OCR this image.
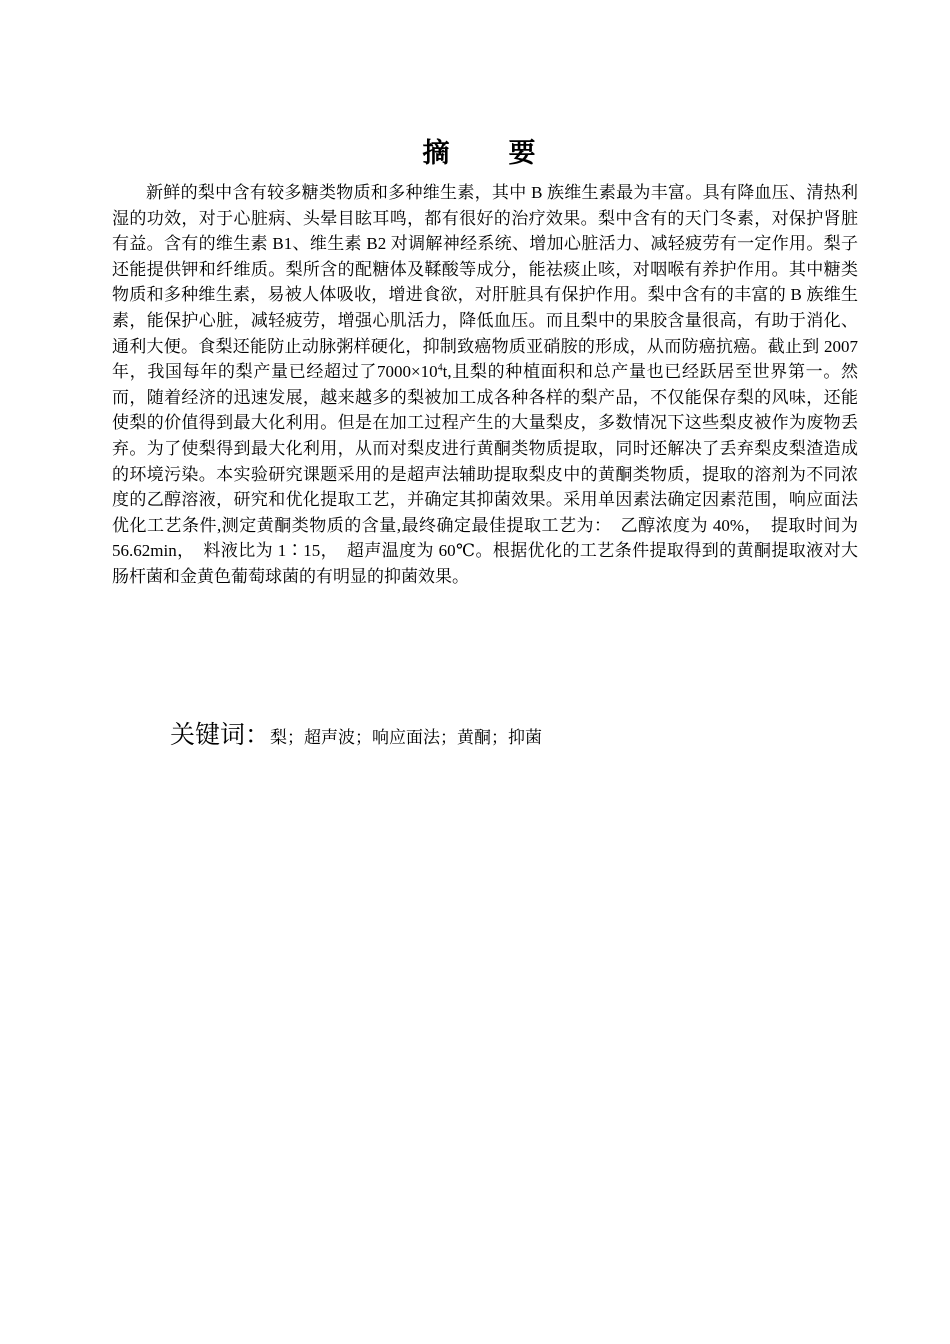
摘　要

新鲜的梨中含有较多糖类物质和多种维生素，其中 B 族维生素最为丰富。具有降血压、清热利湿的功效，对于心脏病、头晕目眩耳鸣，都有很好的治疗效果。梨中含有的天门冬素，对保护肾脏有益。含有的维生素 B1、维生素 B2 对调解神经系统、增加心脏活力、减轻疲劳有一定作用。梨子还能提供钾和纤维质。梨所含的配糖体及鞣酸等成分，能祛痰止咳，对咽喉有养护作用。其中糖类物质和多种维生素，易被人体吸收，增进食欲，对肝脏具有保护作用。梨中含有的丰富的 B 族维生素，能保护心脏，减轻疲劳，增强心肌活力，降低血压。而且梨中的果胶含量很高，有助于消化、通利大便。食梨还能防止动脉粥样硬化，抑制致癌物质亚硝胺的形成，从而防癌抗癌。截止到 2007 年，我国每年的梨产量已经超过了$7000\times 10^4t$,且梨的种植面积和总产量也已经跃居至世界第一。然而，随着经济的迅速发展，越来越多的梨被加工成各种各样的梨产品，不仅能保存梨的风味，还能使梨的价值得到最大化利用。但是在加工过程产生的大量梨皮，多数情况下这些梨皮被作为废物丢弃。为了使梨得到最大化利用，从而对梨皮进行黄酮类物质提取，同时还解决了丢弃梨皮梨渣造成的环境污染。本实验研究课题采用的是超声法辅助提取梨皮中的黄酮类物质，提取的溶剂为不同浓度的乙醇溶液，研究和优化提取工艺，并确定其抑菌效果。采用单因素法确定因素范围，响应面法优化工艺条件,测定黄酮类物质的含量,最终确定最佳提取工艺为：　乙醇浓度为 40%，　提取时间为 56.62min，　料液比为 1∶15，　超声温度为 60℃。根据优化的工艺条件提取得到的黄酮提取液对大肠杆菌和金黄色葡萄球菌的有明显的抑菌效果。

关键词：梨；超声波；响应面法；黄酮；抑菌
